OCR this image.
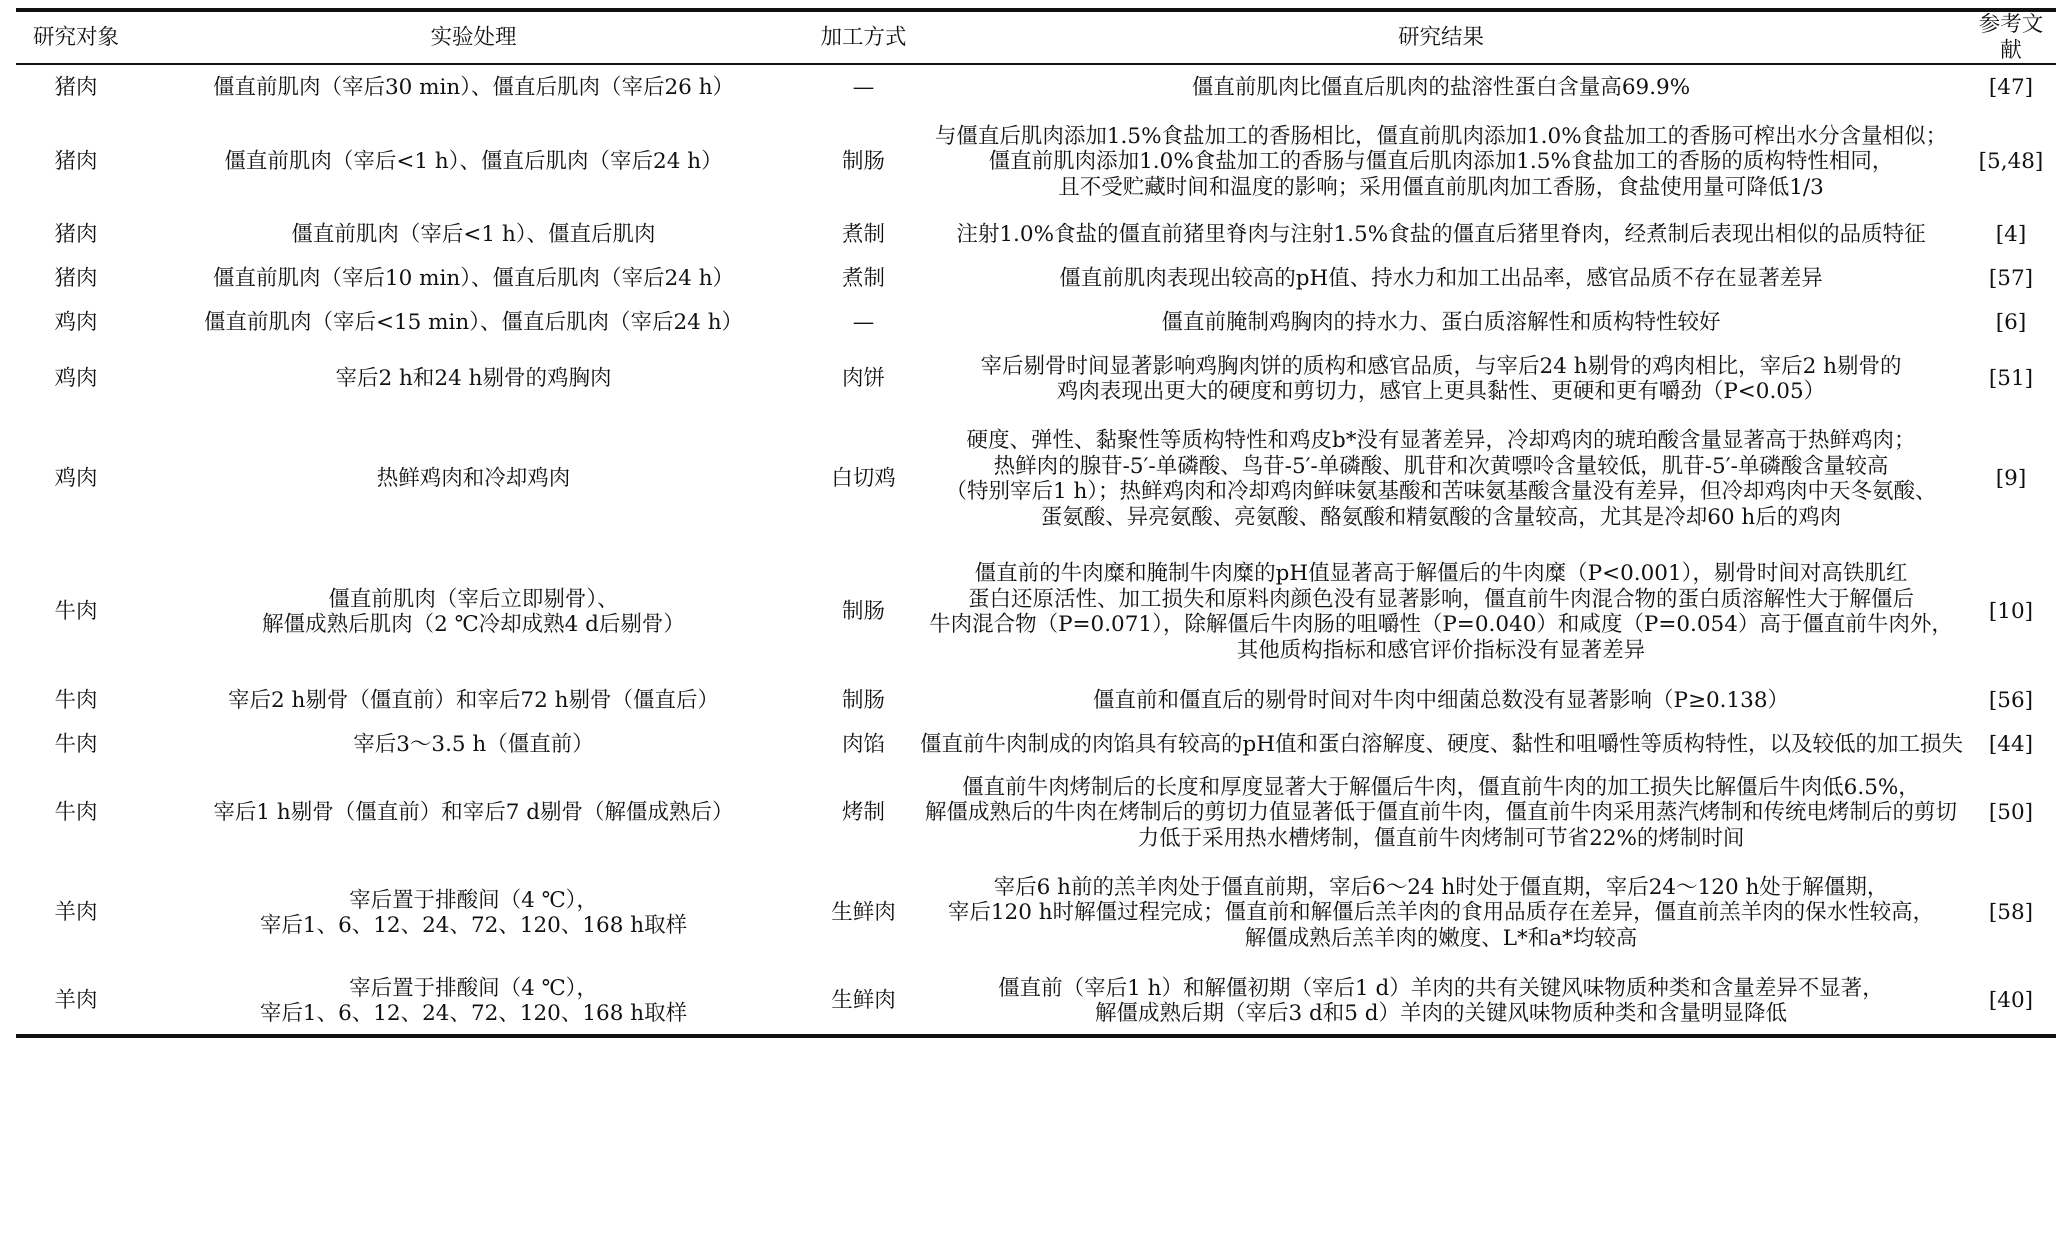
研究对象	实验处理	加工方式	研究结果	参考文献
猪肉	僵直前肌肉（宰后30 min）、僵直后肌肉（宰后26 h）	—	僵直前肌肉比僵直后肌肉的盐溶性蛋白含量高69.9%	[47]
猪肉	僵直前肌肉（宰后<1 h）、僵直后肌肉（宰后24 h）	制肠	与僵直后肌肉添加1.5%食盐加工的香肠相比，僵直前肌肉添加1.0%食盐加工的香肠可榨出水分含量相似；
僵直前肌肉添加1.0%食盐加工的香肠与僵直后肌肉添加1.5%食盐加工的香肠的质构特性相同，
且不受贮藏时间和温度的影响；采用僵直前肌肉加工香肠，食盐使用量可降低1/3	[5,48]
猪肉	僵直前肌肉（宰后<1 h）、僵直后肌肉	煮制	注射1.0%食盐的僵直前猪里脊肉与注射1.5%食盐的僵直后猪里脊肉，经煮制后表现出相似的品质特征	[4]
猪肉	僵直前肌肉（宰后10 min）、僵直后肌肉（宰后24 h）	煮制	僵直前肌肉表现出较高的pH值、持水力和加工出品率，感官品质不存在显著差异	[57]
鸡肉	僵直前肌肉（宰后<15 min）、僵直后肌肉（宰后24 h）	—	僵直前腌制鸡胸肉的持水力、蛋白质溶解性和质构特性较好	[6]
鸡肉	宰后2 h和24 h剔骨的鸡胸肉	肉饼	宰后剔骨时间显著影响鸡胸肉饼的质构和感官品质，与宰后24 h剔骨的鸡肉相比，宰后2 h剔骨的
鸡肉表现出更大的硬度和剪切力，感官上更具黏性、更硬和更有嚼劲（P<0.05）	[51]
鸡肉	热鲜鸡肉和冷却鸡肉	白切鸡	硬度、弹性、黏聚性等质构特性和鸡皮b*没有显著差异，冷却鸡肉的琥珀酸含量显著高于热鲜鸡肉；
热鲜肉的腺苷-5′-单磷酸、鸟苷-5′-单磷酸、肌苷和次黄嘌呤含量较低，肌苷-5′-单磷酸含量较高
（特别宰后1 h）；热鲜鸡肉和冷却鸡肉鲜味氨基酸和苦味氨基酸含量没有差异，但冷却鸡肉中天冬氨酸、
蛋氨酸、异亮氨酸、亮氨酸、酪氨酸和精氨酸的含量较高，尤其是冷却60 h后的鸡肉	[9]
牛肉	僵直前肌肉（宰后立即剔骨）、
解僵成熟后肌肉（2 ℃冷却成熟4 d后剔骨）	制肠	僵直前的牛肉糜和腌制牛肉糜的pH值显著高于解僵后的牛肉糜（P<0.001），剔骨时间对高铁肌红
蛋白还原活性、加工损失和原料肉颜色没有显著影响，僵直前牛肉混合物的蛋白质溶解性大于解僵后
牛肉混合物（P=0.071），除解僵后牛肉肠的咀嚼性（P=0.040）和咸度（P=0.054）高于僵直前牛肉外，
其他质构指标和感官评价指标没有显著差异	[10]
牛肉	宰后2 h剔骨（僵直前）和宰后72 h剔骨（僵直后）	制肠	僵直前和僵直后的剔骨时间对牛肉中细菌总数没有显著影响（P≥0.138）	[56]
牛肉	宰后3～3.5 h（僵直前）	肉馅	僵直前牛肉制成的肉馅具有较高的pH值和蛋白溶解度、硬度、黏性和咀嚼性等质构特性，以及较低的加工损失	[44]
牛肉	宰后1 h剔骨（僵直前）和宰后7 d剔骨（解僵成熟后）	烤制	僵直前牛肉烤制后的长度和厚度显著大于解僵后牛肉，僵直前牛肉的加工损失比解僵后牛肉低6.5%，
解僵成熟后的牛肉在烤制后的剪切力值显著低于僵直前牛肉，僵直前牛肉采用蒸汽烤制和传统电烤制后的剪切
力低于采用热水槽烤制，僵直前牛肉烤制可节省22%的烤制时间	[50]
羊肉	宰后置于排酸间（4 ℃），
宰后1、6、12、24、72、120、168 h取样	生鲜肉	宰后6 h前的羔羊肉处于僵直前期，宰后6～24 h时处于僵直期，宰后24～120 h处于解僵期，
宰后120 h时解僵过程完成；僵直前和解僵后羔羊肉的食用品质存在差异，僵直前羔羊肉的保水性较高，
解僵成熟后羔羊肉的嫩度、L*和a*均较高	[58]
羊肉	宰后置于排酸间（4 ℃），
宰后1、6、12、24、72、120、168 h取样	生鲜肉	僵直前（宰后1 h）和解僵初期（宰后1 d）羊肉的共有关键风味物质种类和含量差异不显著，
解僵成熟后期（宰后3 d和5 d）羊肉的关键风味物质种类和含量明显降低	[40]
